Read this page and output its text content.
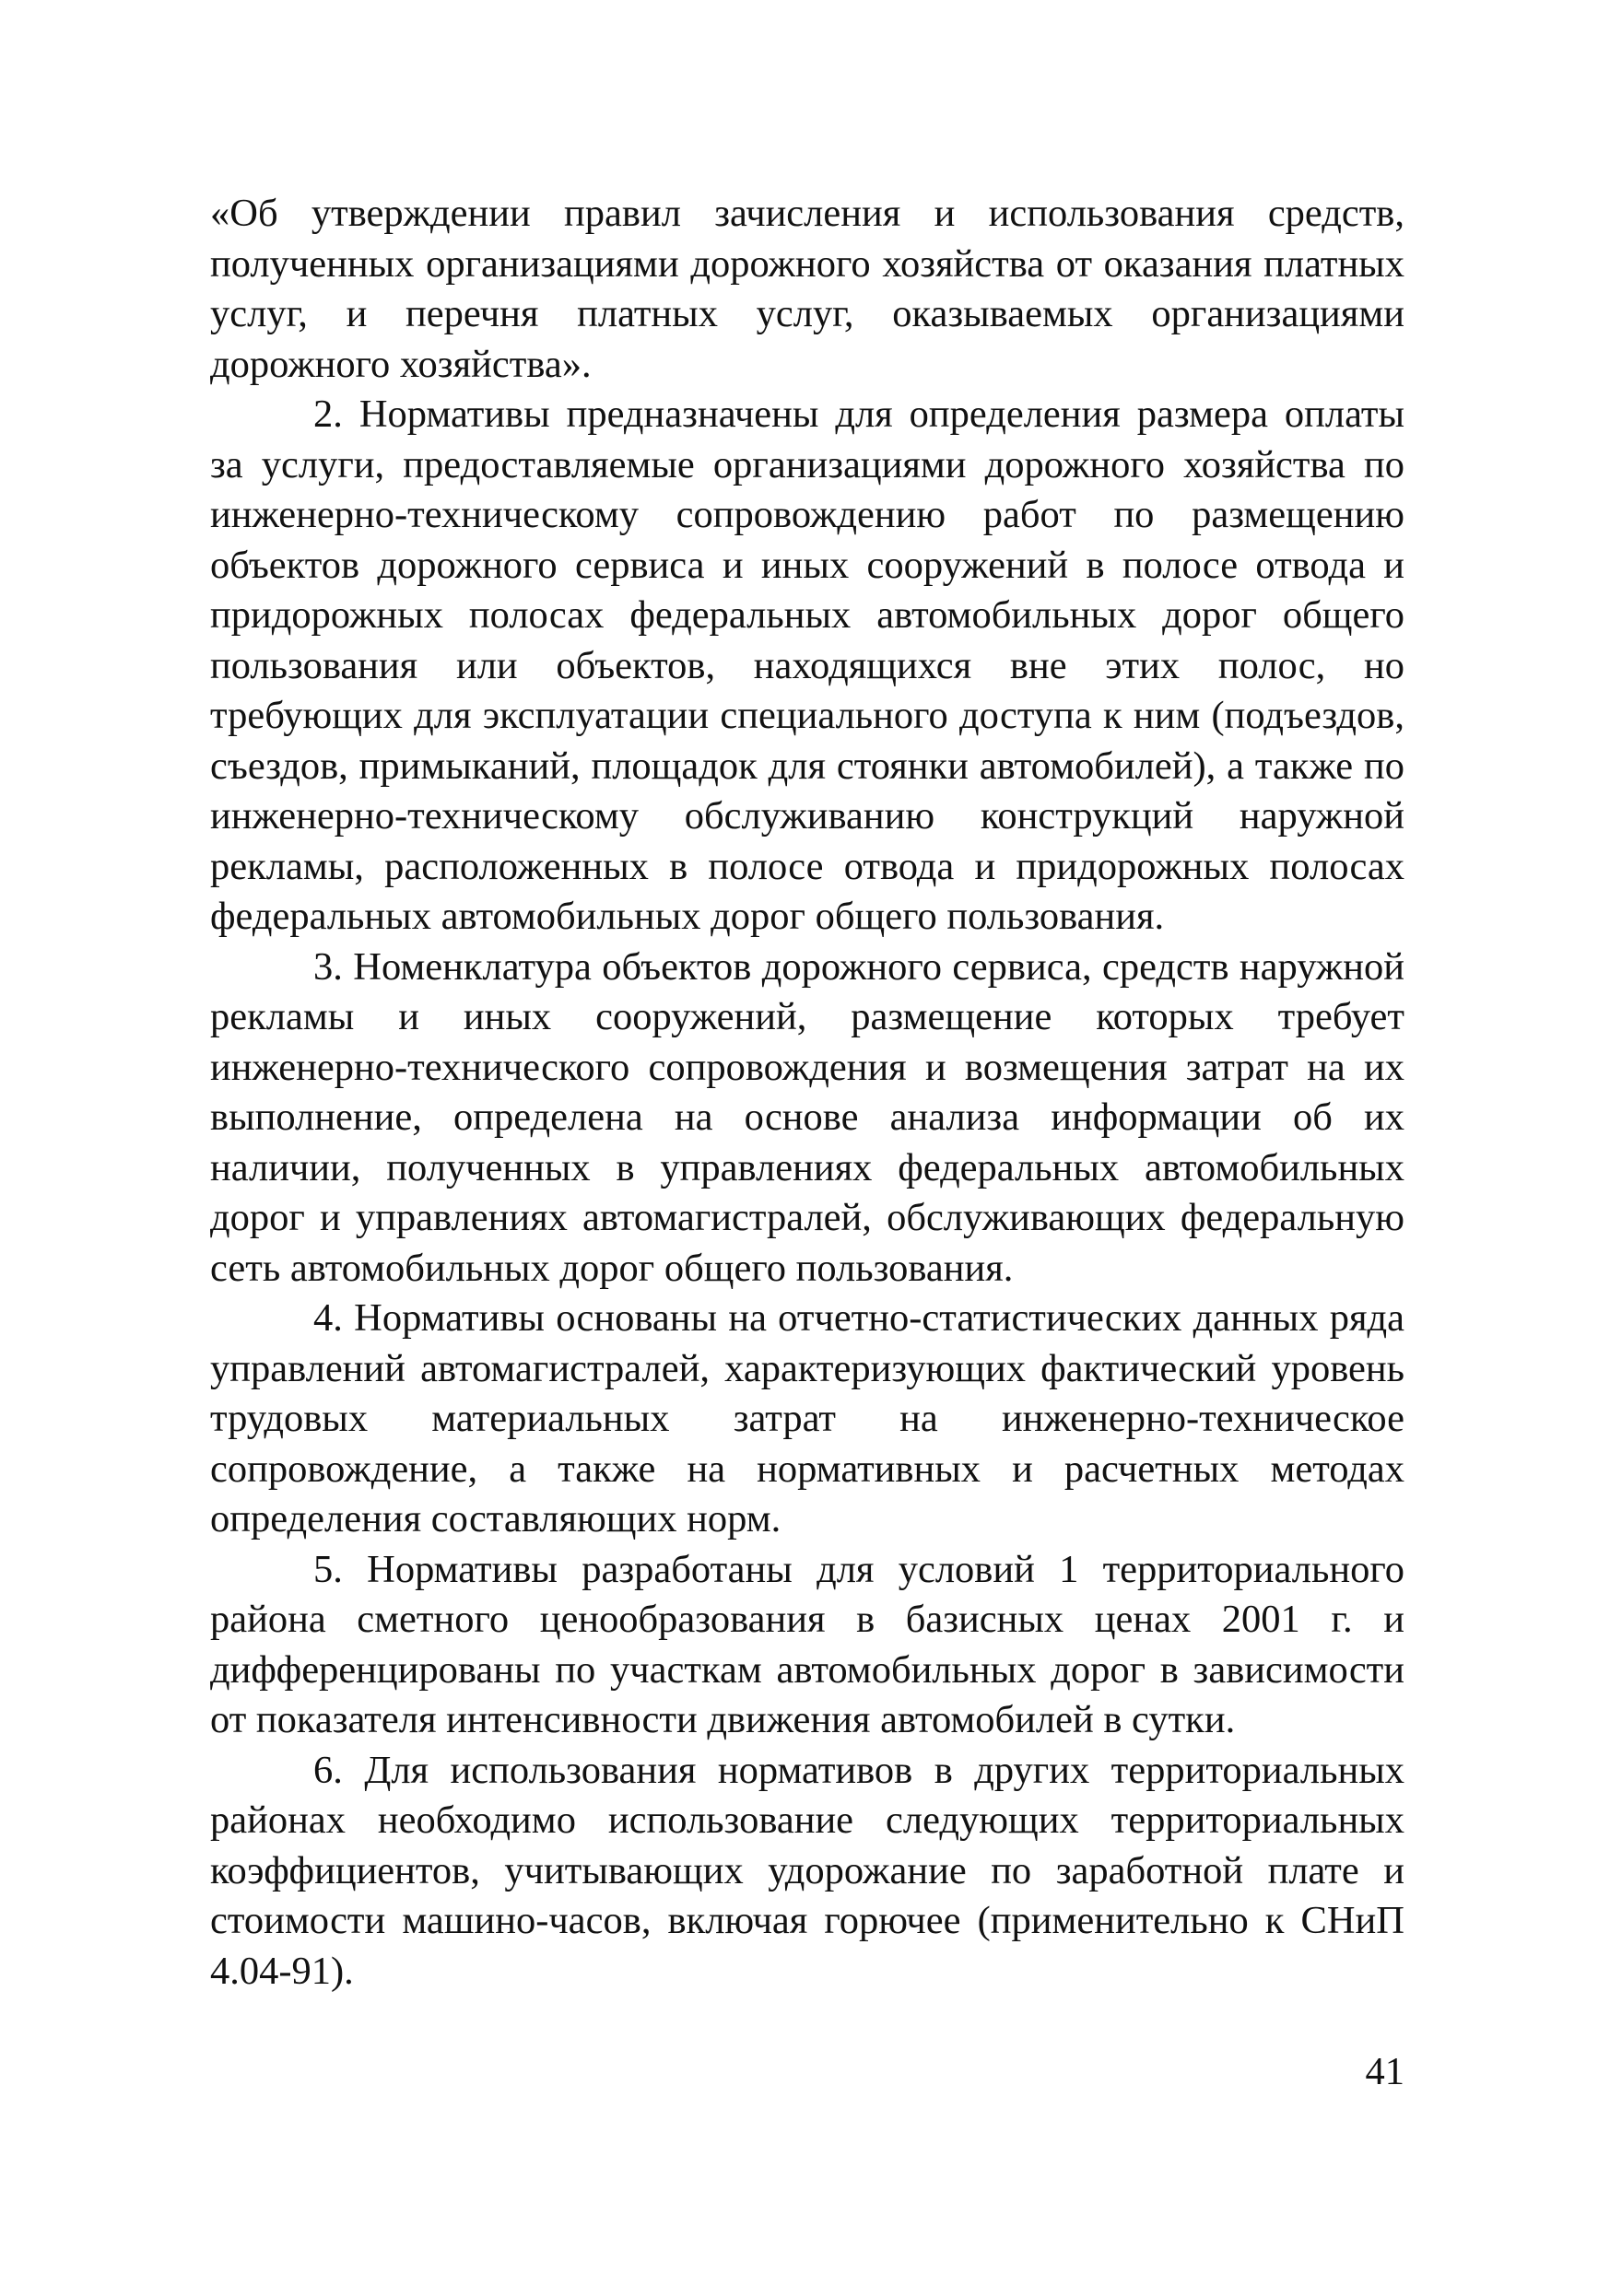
«Об утверждении правил зачисления и использования средств, полученных организациями дорожного хозяйства от оказания платных услуг, и перечня платных услуг, оказываемых организациями дорожного хозяйства».

2. Нормативы предназначены для определения размера оплаты за услуги, предоставляемые организациями дорожного хозяйства по инженерно-техническому сопровождению работ по размещению объектов дорожного сервиса и иных сооружений в полосе отвода и придорожных полосах федеральных автомобильных дорог общего пользования или объектов, находящихся вне этих полос, но требующих для эксплуатации специального доступа к ним (подъездов, съездов, примыканий, площадок для стоянки автомобилей), а также по инженерно-техническому обслуживанию конструкций наружной рекламы, расположенных в полосе отвода и придорожных полосах федеральных автомобильных дорог общего пользования.

3. Номенклатура объектов дорожного сервиса, средств наружной рекламы и иных сооружений, размещение которых требует инженерно-технического сопровождения и возмещения затрат на их выполнение, определена на основе анализа информации об их наличии, полученных в управлениях федеральных автомобильных дорог и управлениях автомагистралей, обслуживающих федеральную сеть автомобильных дорог общего пользования.

4. Нормативы основаны на отчетно-статистических данных ряда управлений автомагистралей, характеризующих фактический уровень трудовых материальных затрат на инженерно-техническое сопровождение, а также на нормативных и расчетных методах определения составляющих норм.

5. Нормативы разработаны для условий 1 территориального района сметного ценообразования в базисных ценах 2001 г. и дифференцированы по участкам автомобильных дорог в зависимости от показателя интенсивности движения автомобилей в сутки.

6. Для использования нормативов в других территориальных районах необходимо использование следующих территориальных коэффициентов, учитывающих удорожание по заработной плате и стоимости машино-часов, включая горючее (применительно к СНиП 4.04-91).

41
